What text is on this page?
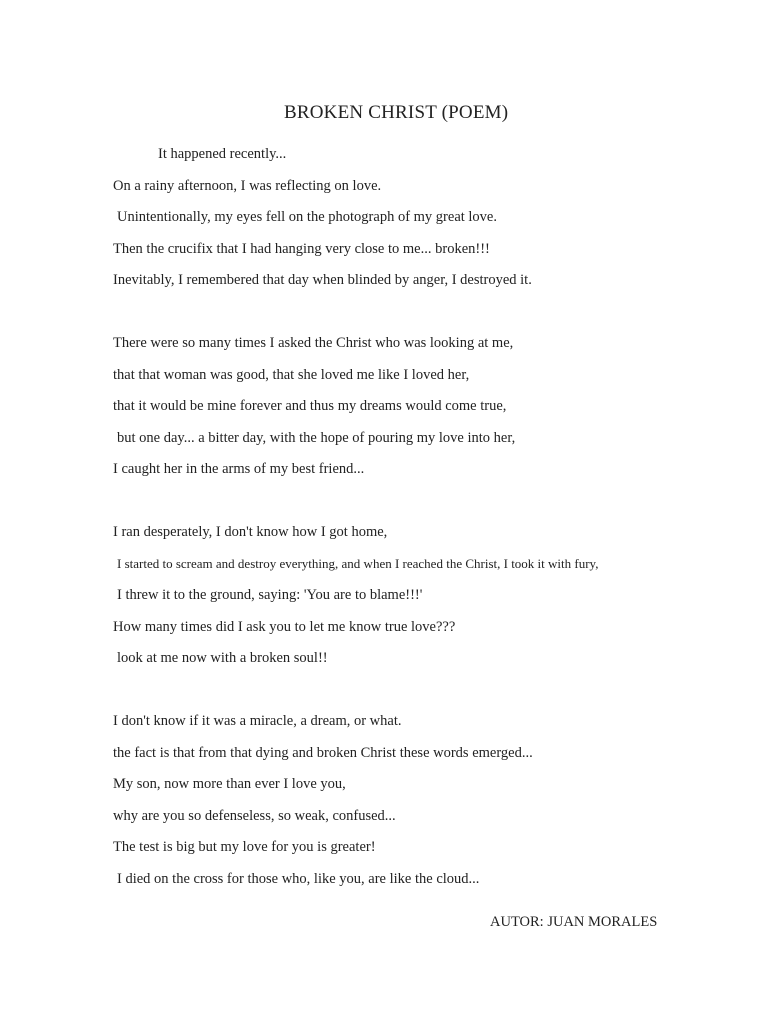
BROKEN CHRIST (POEM)
It happened recently...
On a rainy afternoon, I was reflecting on love.
Unintentionally, my eyes fell on the photograph of my great love.
Then the crucifix that I had hanging very close to me... broken!!!
Inevitably, I remembered that day when blinded by anger, I destroyed it.
There were so many times I asked the Christ who was looking at me,
that that woman was good, that she loved me like I loved her,
that it would be mine forever and thus my dreams would come true,
but one day... a bitter day, with the hope of pouring my love into her,
I caught her in the arms of my best friend...
I ran desperately, I don't know how I got home,
I started to scream and destroy everything, and when I reached the Christ, I took it with fury,
I threw it to the ground, saying: 'You are to blame!!!'
How many times did I ask you to let me know true love???
look at me now with a broken soul!!
I don't know if it was a miracle, a dream, or what.
the fact is that from that dying and broken Christ these words emerged...
My son, now more than ever I love you,
why are you so defenseless, so weak, confused...
The test is big but my love for you is greater!
I died on the cross for those who, like you, are like the cloud...
AUTOR: JUAN MORALES
